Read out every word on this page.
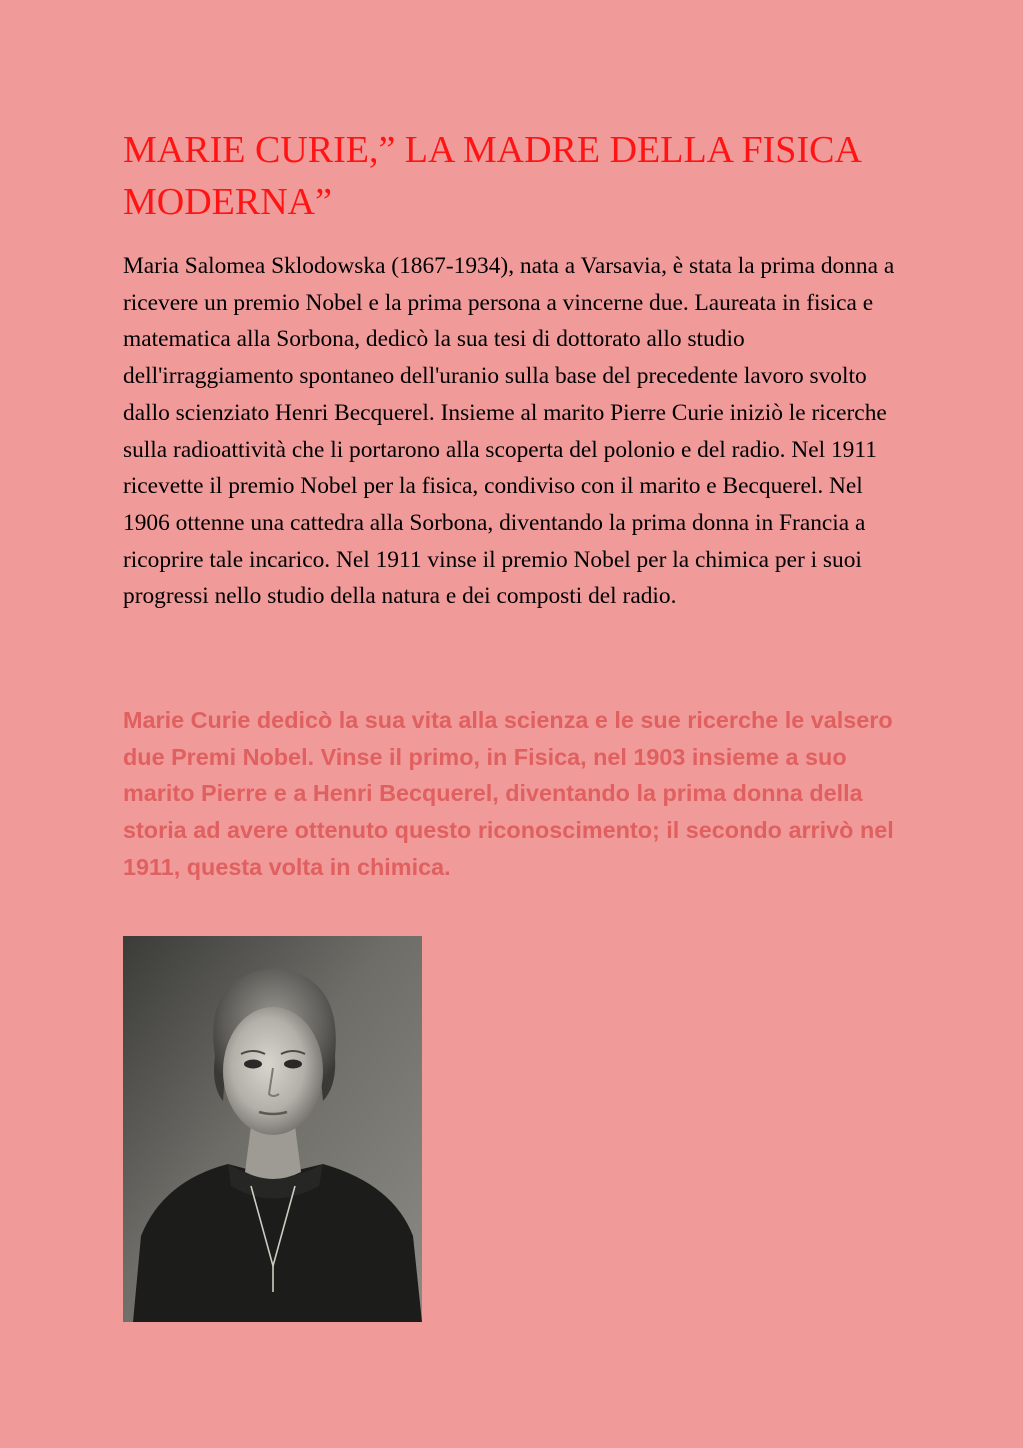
MARIE CURIE,” LA MADRE DELLA FISICA MODERNA”

Maria Salomea Sklodowska (1867-1934), nata a Varsavia, è stata la prima donna a ricevere un premio Nobel e la prima persona a vincerne due. Laureata in fisica e matematica alla Sorbona, dedicò la sua tesi di dottorato allo studio dell'irraggiamento spontaneo dell'uranio sulla base del precedente lavoro svolto dallo scienziato Henri Becquerel. Insieme al marito Pierre Curie iniziò le ricerche sulla radioattività che li portarono alla scoperta del polonio e del radio. Nel 1911 ricevette il premio Nobel per la fisica, condiviso con il marito e Becquerel. Nel 1906 ottenne una cattedra alla Sorbona, diventando la prima donna in Francia a ricoprire tale incarico. Nel 1911 vinse il premio Nobel per la chimica per i suoi progressi nello studio della natura e dei composti del radio.

Marie Curie dedicò la sua vita alla scienza e le sue ricerche le valsero due Premi Nobel. Vinse il primo, in Fisica, nel 1903 insieme a suo marito Pierre e a Henri Becquerel, diventando la prima donna della storia ad avere ottenuto questo riconoscimento; il secondo arrivò nel 1911, questa volta in chimica.
